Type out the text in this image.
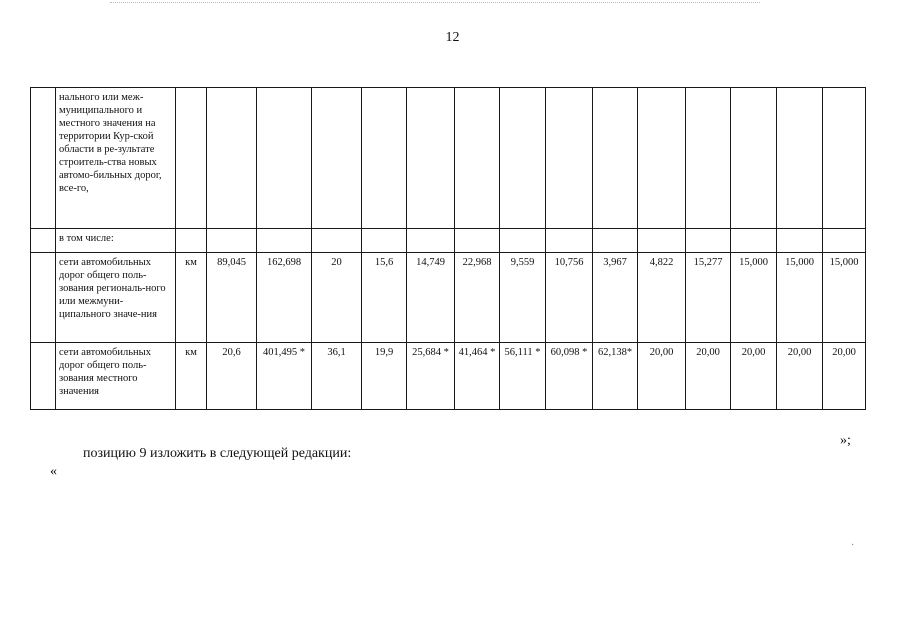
12
	нального или меж-муниципального и местного значения на территории Кур-ской области в ре-зультате строитель-ства новых автомо-бильных дорог, все-го,															
	в том числе:															
	сети автомобильных дорог общего поль-зования региональ-ного или межмуни-ципального значе-ния	км	89,045	162,698	20	15,6	14,749	22,968	9,559	10,756	3,967	4,822	15,277	15,000	15,000	15,000
	сети автомобильных дорог общего поль-зования местного значения	км	20,6	401,495 *	36,1	19,9	25,684 *	41,464 *	56,111 *	60,098 *	62,138*	20,00	20,00	20,00	20,00	20,00
»;
позицию 9 изложить в следующей редакции:
«
·
